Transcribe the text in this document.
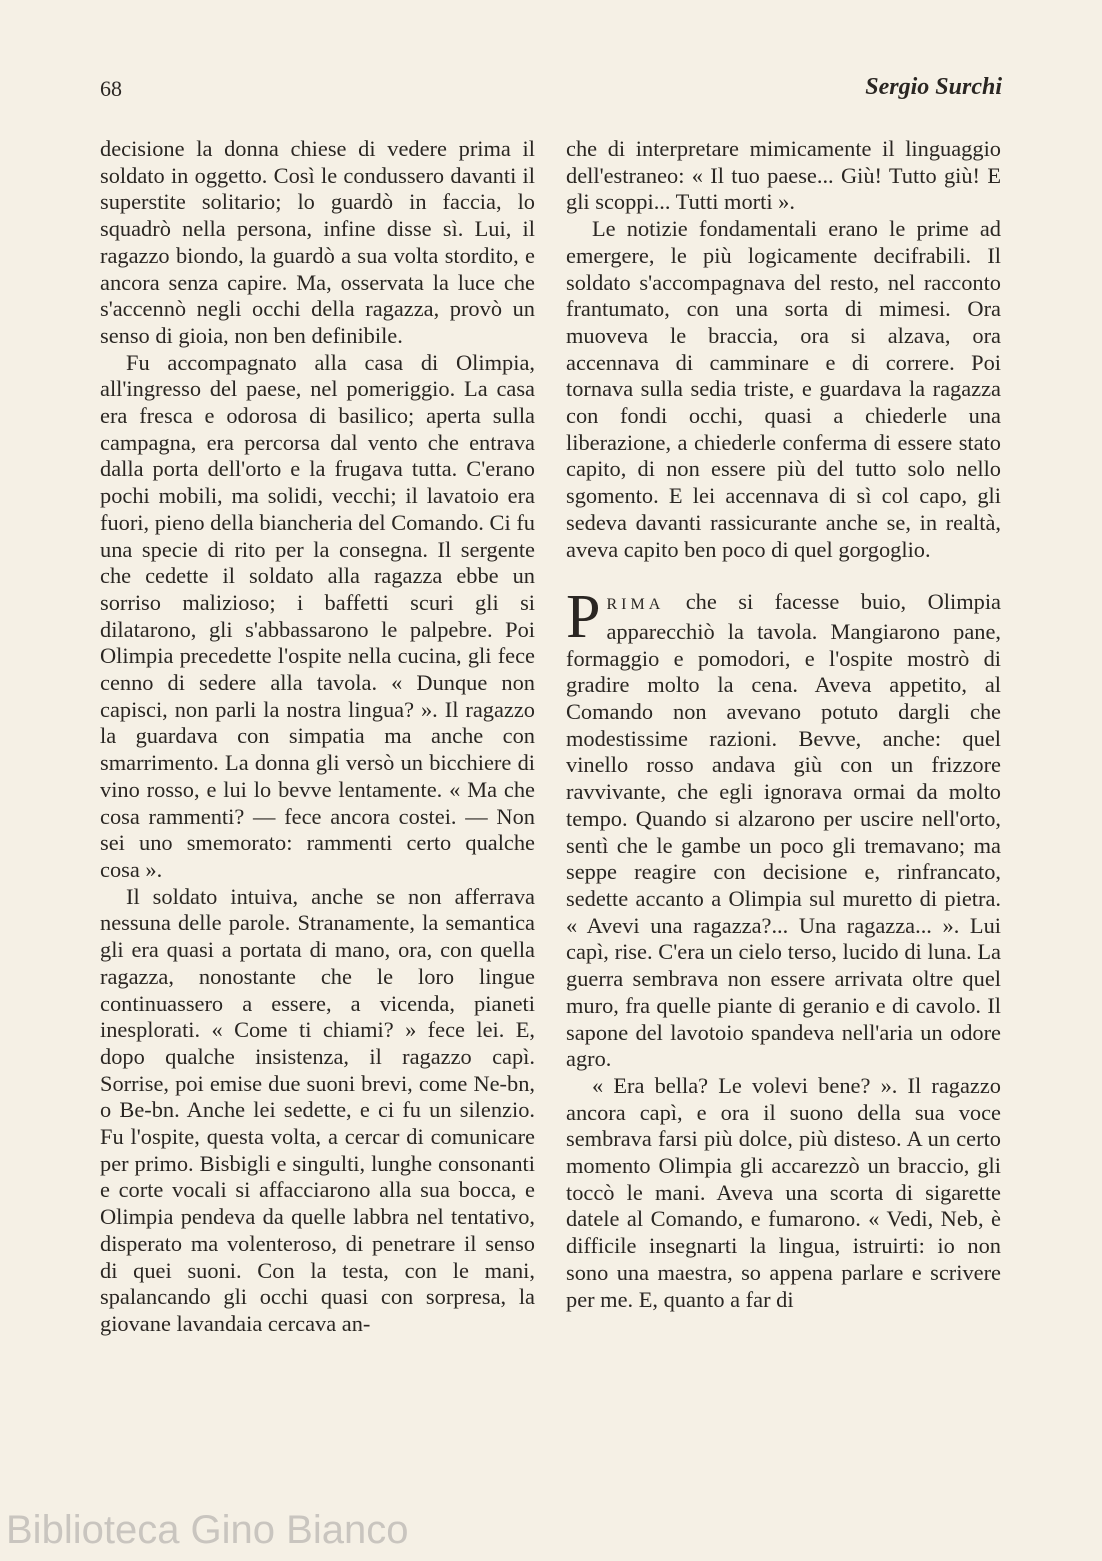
68	Sergio Surchi

decisione la donna chiese di vedere prima il soldato in oggetto. Così le condussero davanti il superstite solitario; lo guardò in faccia, lo squadrò nella persona, infine disse sì. Lui, il ragazzo biondo, la guardò a sua volta stordito, e ancora senza capire. Ma, osservata la luce che s'accennò negli occhi della ragazza, provò un senso di gioia, non ben definibile.

Fu accompagnato alla casa di Olimpia, all'ingresso del paese, nel pomeriggio. La casa era fresca e odorosa di basilico; aperta sulla campagna, era percorsa dal vento che entrava dalla porta dell'orto e la frugava tutta. C'erano pochi mobili, ma solidi, vecchi; il lavatoio era fuori, pieno della biancheria del Comando. Ci fu una specie di rito per la consegna. Il sergente che cedette il soldato alla ragazza ebbe un sorriso malizioso; i baffetti scuri gli si dilatarono, gli s'abbassarono le palpebre. Poi Olimpia precedette l'ospite nella cucina, gli fece cenno di sedere alla tavola. « Dunque non capisci, non parli la nostra lingua? ». Il ragazzo la guardava con simpatia ma anche con smarrimento. La donna gli versò un bicchiere di vino rosso, e lui lo bevve lentamente. « Ma che cosa rammenti? — fece ancora costei. — Non sei uno smemorato: rammenti certo qualche cosa ».

Il soldato intuiva, anche se non afferrava nessuna delle parole. Stranamente, la semantica gli era quasi a portata di mano, ora, con quella ragazza, nonostante che le loro lingue continuassero a essere, a vicenda, pianeti inesplorati. « Come ti chiami? » fece lei. E, dopo qualche insistenza, il ragazzo capì. Sorrise, poi emise due suoni brevi, come Ne-bn, o Be-bn. Anche lei sedette, e ci fu un silenzio. Fu l'ospite, questa volta, a cercar di comunicare per primo. Bisbigli e singulti, lunghe consonanti e corte vocali si affacciarono alla sua bocca, e Olimpia pendeva da quelle labbra nel tentativo, disperato ma volenteroso, di penetrare il senso di quei suoni. Con la testa, con le mani, spalancando gli occhi quasi con sorpresa, la giovane lavandaia cercava an-

che di interpretare mimicamente il linguaggio dell'estraneo: « Il tuo paese... Giù! Tutto giù! E gli scoppi... Tutti morti ».

Le notizie fondamentali erano le prime ad emergere, le più logicamente decifrabili. Il soldato s'accompagnava del resto, nel racconto frantumato, con una sorta di mimesi. Ora muoveva le braccia, ora si alzava, ora accennava di camminare e di correre. Poi tornava sulla sedia triste, e guardava la ragazza con fondi occhi, quasi a chiederle una liberazione, a chiederle conferma di essere stato capito, di non essere più del tutto solo nello sgomento. E lei accennava di sì col capo, gli sedeva davanti rassicurante anche se, in realtà, aveva capito ben poco di quel gorgoglio.

PRIMA che si facesse buio, Olimpia apparecchiò la tavola. Mangiarono pane, formaggio e pomodori, e l'ospite mostrò di gradire molto la cena. Aveva appetito, al Comando non avevano potuto dargli che modestissime razioni. Bevve, anche: quel vinello rosso andava giù con un frizzore ravvivante, che egli ignorava ormai da molto tempo. Quando si alzarono per uscire nell'orto, sentì che le gambe un poco gli tremavano; ma seppe reagire con decisione e, rinfrancato, sedette accanto a Olimpia sul muretto di pietra. « Avevi una ragazza?... Una ragazza... ». Lui capì, rise. C'era un cielo terso, lucido di luna. La guerra sembrava non essere arrivata oltre quel muro, fra quelle piante di geranio e di cavolo. Il sapone del lavotoio spandeva nell'aria un odore agro.

« Era bella? Le volevi bene? ». Il ragazzo ancora capì, e ora il suono della sua voce sembrava farsi più dolce, più disteso. A un certo momento Olimpia gli accarezzò un braccio, gli toccò le mani. Aveva una scorta di sigarette datele al Comando, e fumarono. « Vedi, Neb, è difficile insegnarti la lingua, istruirti: io non sono una maestra, so appena parlare e scrivere per me. E, quanto a far di

Biblioteca Gino Bianco
